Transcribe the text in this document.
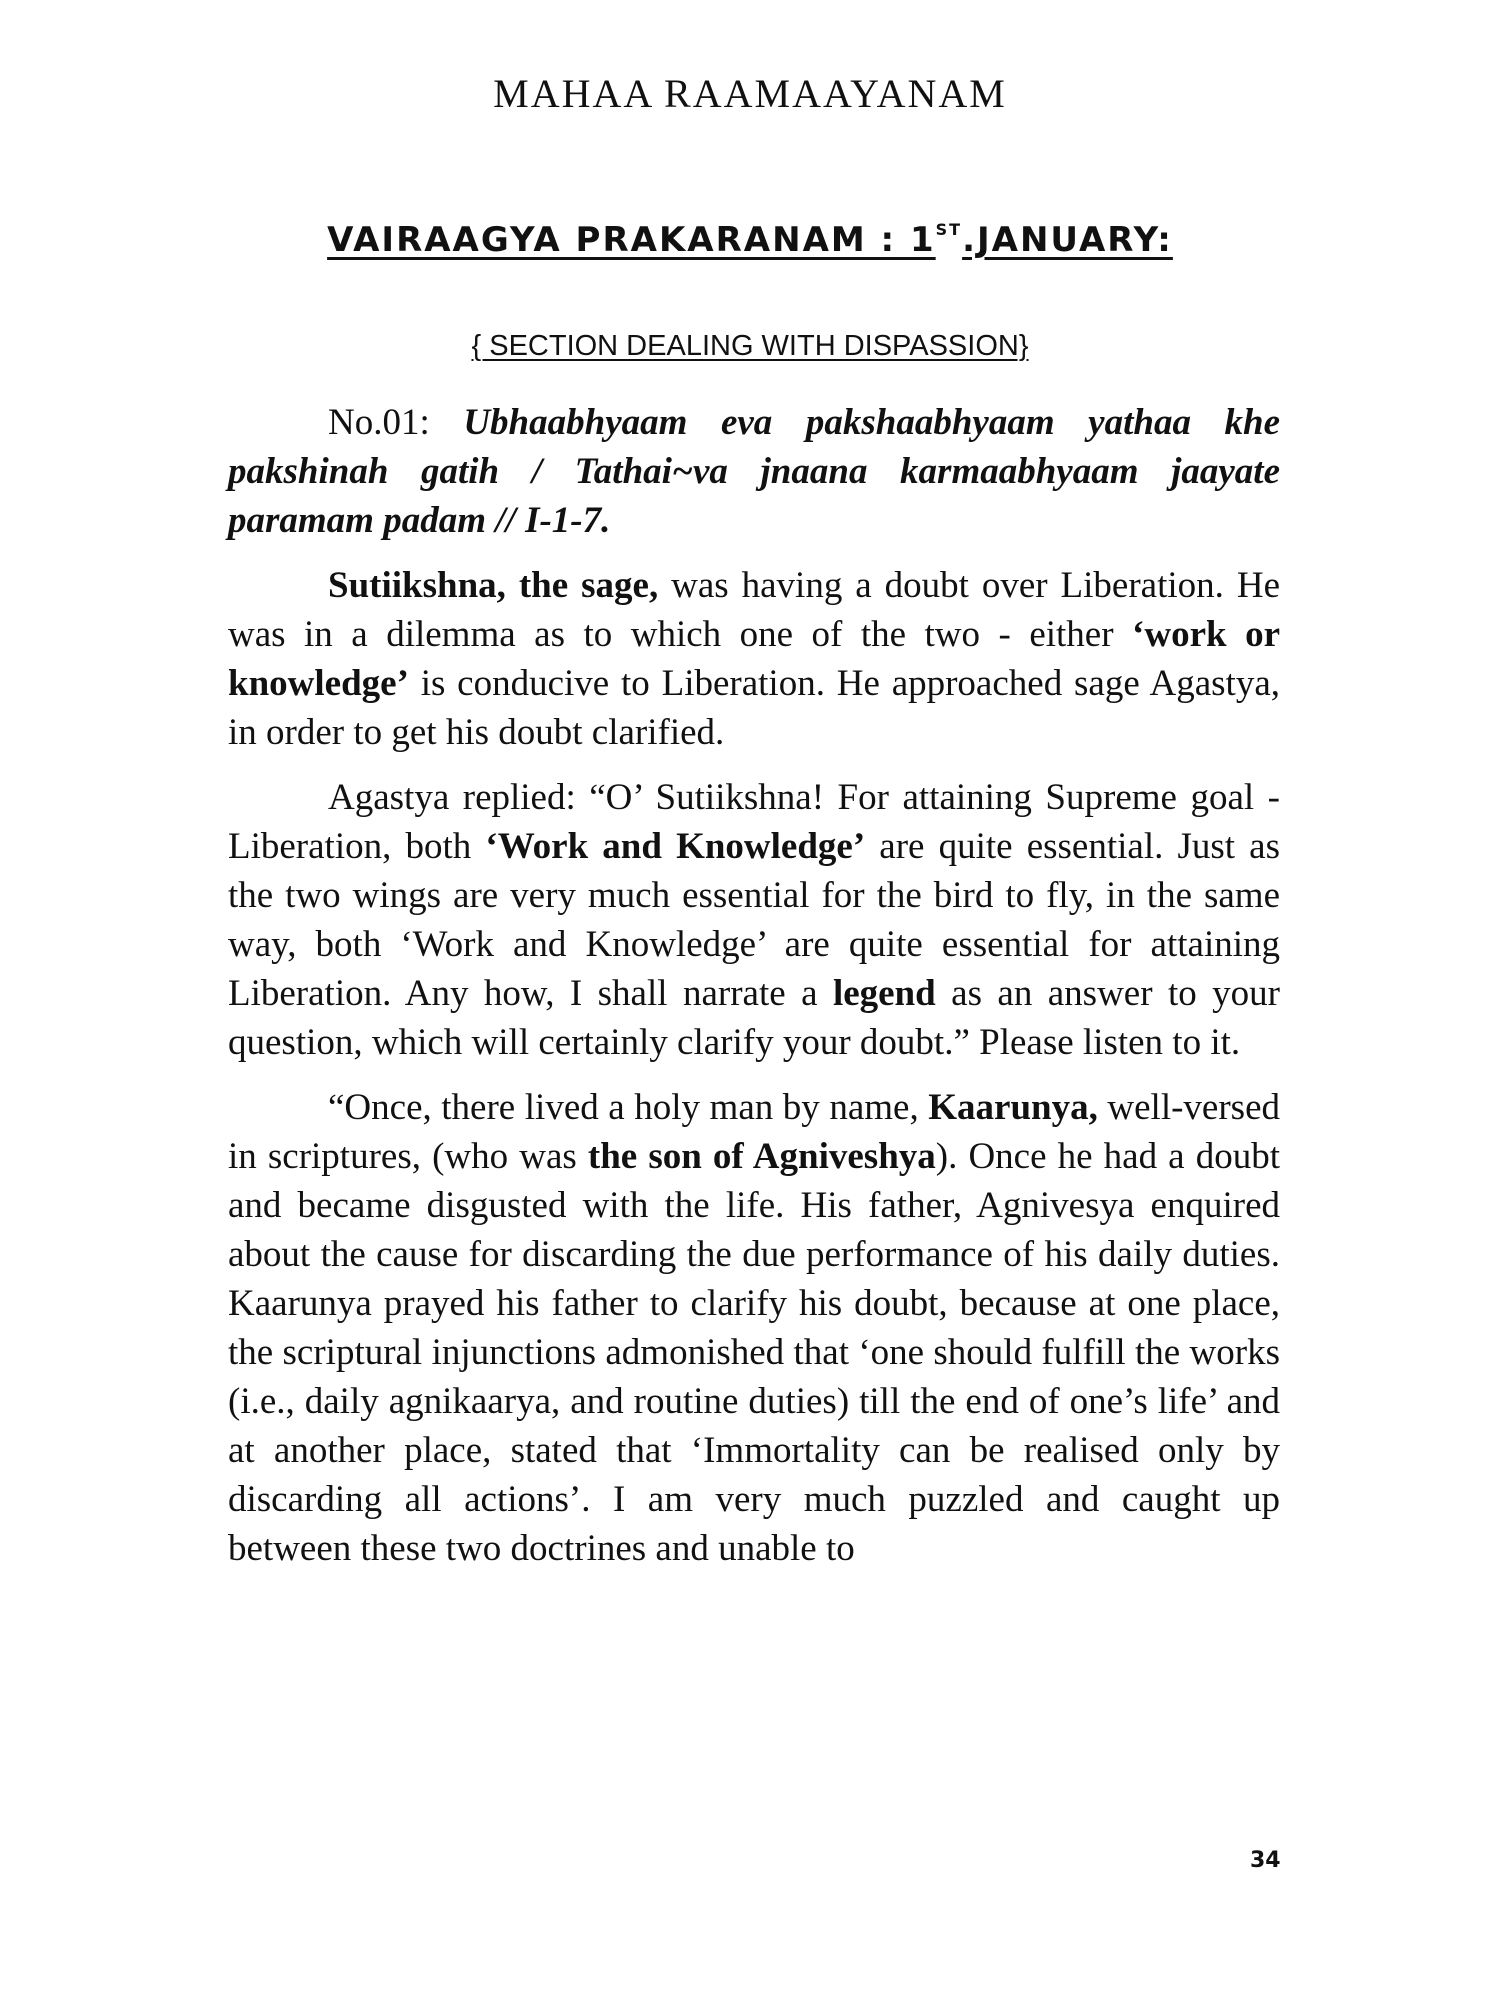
MAHAA RAAMAAYANAM
VAIRAAGYA PRAKARANAM : 1ST.JANUARY:
{ SECTION DEALING WITH DISPASSION}

No.01: Ubhaabhyaam eva pakshaabhyaam yathaa khe pakshinah gatih / Tathai~va jnaana karmaabhyaam jaayate paramam padam // I-1-7.

Sutiikshna, the sage, was having a doubt over Liberation. He was in a dilemma as to which one of the two - either ‘work or knowledge’ is conducive to Liberation. He approached sage Agastya, in order to get his doubt clarified.

Agastya replied: “O’ Sutiikshna! For attaining Supreme goal - Liberation, both ‘Work and Knowledge’ are quite essential. Just as the two wings are very much essential for the bird to fly, in the same way, both ‘Work and Knowledge’ are quite essential for attaining Liberation. Any how, I shall narrate a legend as an answer to your question, which will certainly clarify your doubt.” Please listen to it.

“Once, there lived a holy man by name, Kaarunya, well-versed in scriptures, (who was the son of Agniveshya). Once he had a doubt and became disgusted with the life. His father, Agnivesya enquired about the cause for discarding the due performance of his daily duties. Kaarunya prayed his father to clarify his doubt, because at one place, the scriptural injunctions admonished that ‘one should fulfill the works (i.e., daily agnikaarya, and routine duties) till the end of one’s life’ and at another place, stated that ‘Immortality can be realised only by discarding all actions’. I am very much puzzled and caught up between these two doctrines and unable to

34
